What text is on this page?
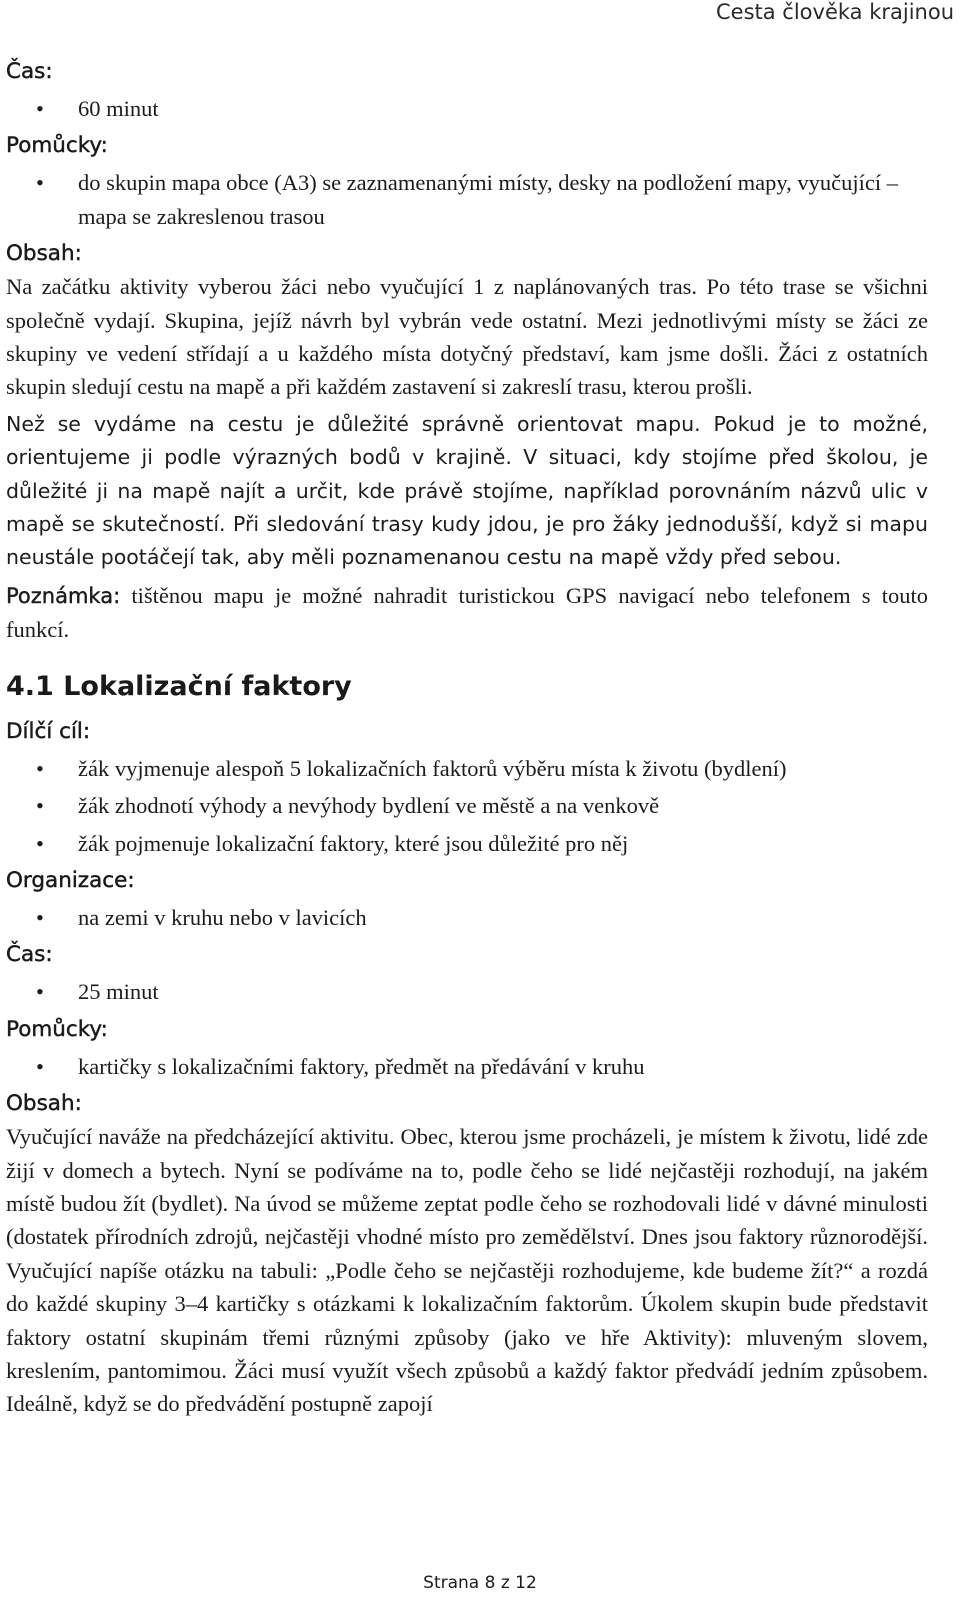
Cesta člověka krajinou
Čas:
• 60 minut
Pomůcky:
• do skupin mapa obce (A3) se zaznamenanými místy, desky na podložení mapy, vyučující – mapa se zakreslenou trasou
Obsah:

Na začátku aktivity vyberou žáci nebo vyučující 1 z naplánovaných tras. Po této trase se všichni společně vydají. Skupina, jejíž návrh byl vybrán vede ostatní. Mezi jednotlivými místy se žáci ze skupiny ve vedení střídají a u každého místa dotyčný představí, kam jsme došli. Žáci z ostatních skupin sledují cestu na mapě a při každém zastavení si zakreslí trasu, kterou prošli.

Než se vydáme na cestu je důležité správně orientovat mapu. Pokud je to možné, orientujeme ji podle výrazných bodů v krajině. V situaci, kdy stojíme před školou, je důležité ji na mapě najít a určit, kde právě stojíme, například porovnáním názvů ulic v mapě se skutečností. Při sledování trasy kudy jdou, je pro žáky jednodušší, když si mapu neustále pootáčejí tak, aby měli poznamenanou cestu na mapě vždy před sebou.

Poznámka: tištěnou mapu je možné nahradit turistickou GPS navigací nebo telefonem s touto funkcí.

4.1 Lokalizační faktory
Dílčí cíl:
• žák vyjmenuje alespoň 5 lokalizačních faktorů výběru místa k životu (bydlení)
• žák zhodnotí výhody a nevýhody bydlení ve městě a na venkově
• žák pojmenuje lokalizační faktory, které jsou důležité pro něj
Organizace:
• na zemi v kruhu nebo v lavicích
Čas:
• 25 minut
Pomůcky:
• kartičky s lokalizačními faktory, předmět na předávání v kruhu
Obsah:

Vyučující naváže na předcházející aktivitu. Obec, kterou jsme procházeli, je místem k životu, lidé zde žijí v domech a bytech. Nyní se podíváme na to, podle čeho se lidé nejčastěji rozhodují, na jakém místě budou žít (bydlet). Na úvod se můžeme zeptat podle čeho se rozhodovali lidé v dávné minulosti (dostatek přírodních zdrojů, nejčastěji vhodné místo pro zemědělství. Dnes jsou faktory různorodější. Vyučující napíše otázku na tabuli: „Podle čeho se nejčastěji rozhodujeme, kde budeme žít?“ a rozdá do každé skupiny 3–4 kartičky s otázkami k lokalizačním faktorům. Úkolem skupin bude představit faktory ostatní skupinám třemi různými způsoby (jako ve hře Aktivity): mluveným slovem, kreslením, pantomimou. Žáci musí využít všech způsobů a každý faktor předvádí jedním způsobem. Ideálně, když se do předvádění postupně zapojí

Strana 8 z 12
